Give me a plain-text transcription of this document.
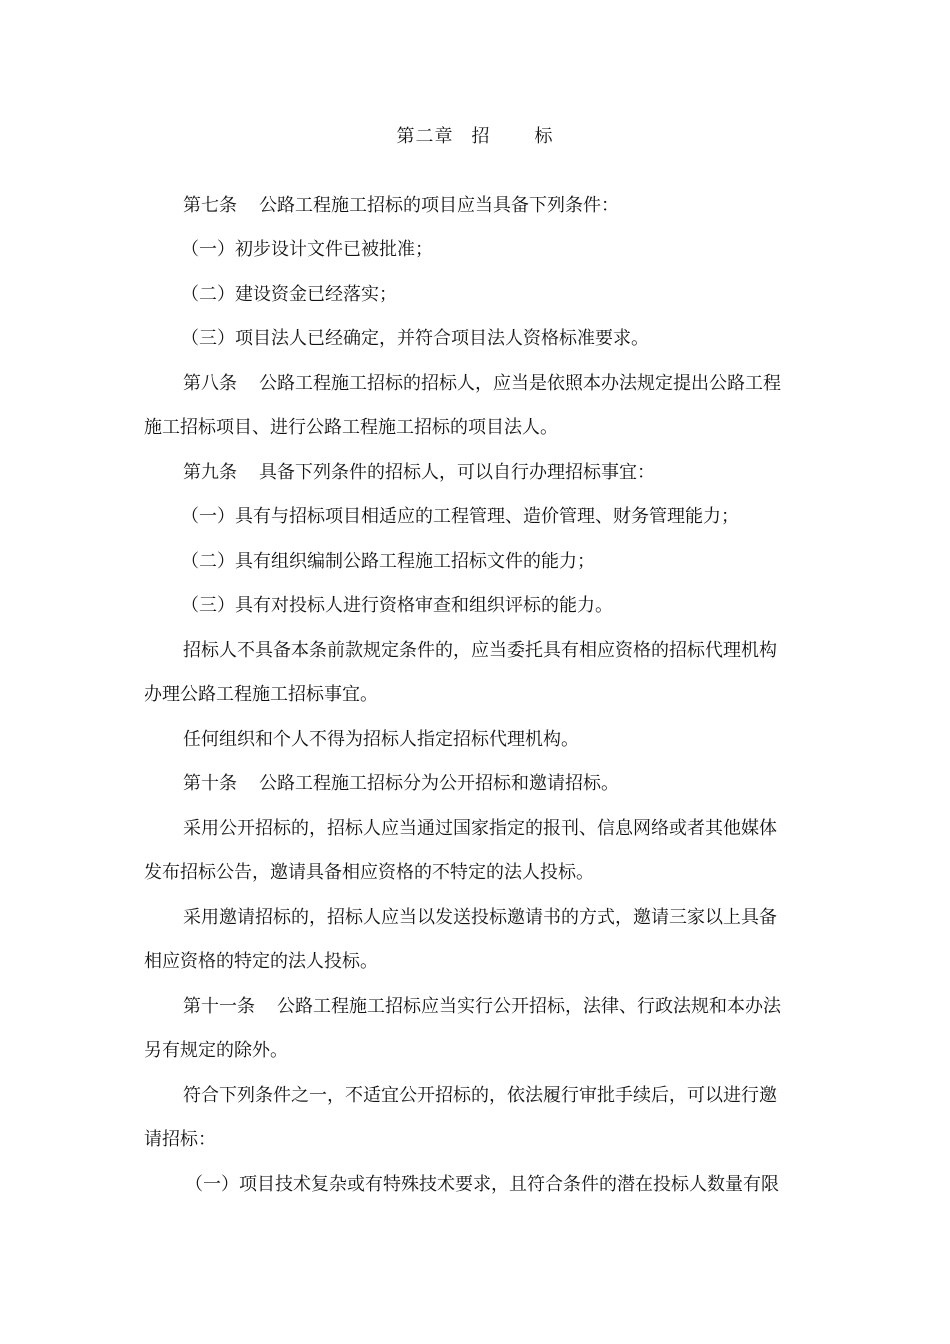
第二章 招 标
第七条 公路工程施工招标的项目应当具备下列条件：
（一）初步设计文件已被批准；
（二）建设资金已经落实；
（三）项目法人已经确定，并符合项目法人资格标准要求。
第八条 公路工程施工招标的招标人，应当是依照本办法规定提出公路工程
施工招标项目、进行公路工程施工招标的项目法人。
第九条 具备下列条件的招标人，可以自行办理招标事宜：
（一）具有与招标项目相适应的工程管理、造价管理、财务管理能力；
（二）具有组织编制公路工程施工招标文件的能力；
（三）具有对投标人进行资格审查和组织评标的能力。
招标人不具备本条前款规定条件的，应当委托具有相应资格的招标代理机构
办理公路工程施工招标事宜。
任何组织和个人不得为招标人指定招标代理机构。
第十条 公路工程施工招标分为公开招标和邀请招标。
采用公开招标的，招标人应当通过国家指定的报刊、信息网络或者其他媒体
发布招标公告，邀请具备相应资格的不特定的法人投标。
采用邀请招标的，招标人应当以发送投标邀请书的方式，邀请三家以上具备
相应资格的特定的法人投标。
第十一条 公路工程施工招标应当实行公开招标，法律、行政法规和本办法
另有规定的除外。
符合下列条件之一，不适宜公开招标的，依法履行审批手续后，可以进行邀
请招标：
（一）项目技术复杂或有特殊技术要求，且符合条件的潜在投标人数量有限
